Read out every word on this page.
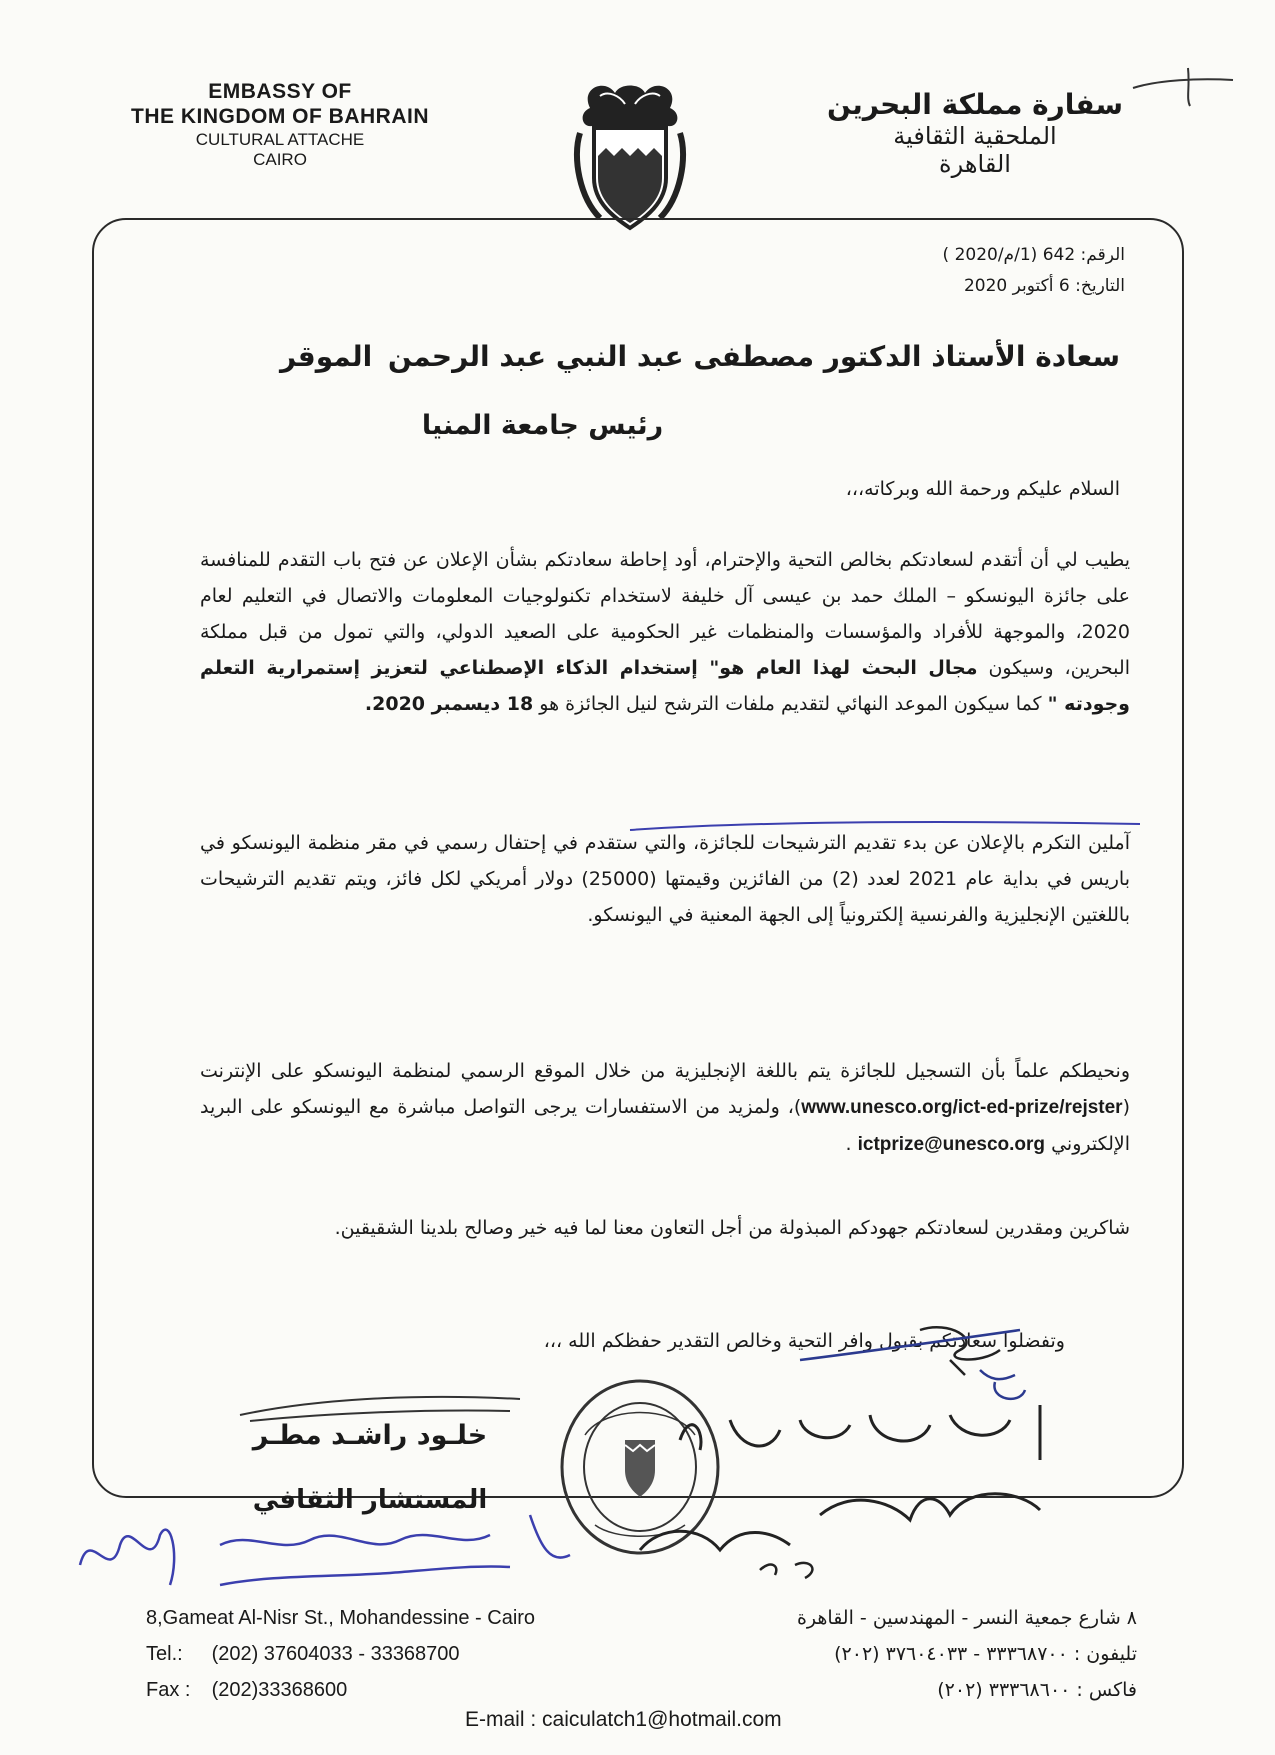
EMBASSY OF
THE KINGDOM OF BAHRAIN
CULTURAL ATTACHE
CAIRO
سفارة مملكة البحرين
الملحقية الثقافية
القاهرة
الرقم: 642 (1/م/2020 )
التاريخ: 6 أكتوبر 2020
سعادة الأستاذ الدكتور مصطفى عبد النبي عبد الرحمن
الموقر
رئيس جامعة المنيا
السلام عليكم ورحمة الله وبركاته،،،
يطيب لي أن أتقدم لسعادتكم بخالص التحية والإحترام، أود إحاطة سعادتكم بشأن الإعلان عن فتح باب التقدم للمنافسة على جائزة اليونسكو – الملك حمد بن عيسى آل خليفة لاستخدام تكنولوجيات المعلومات والاتصال في التعليم لعام 2020، والموجهة للأفراد والمؤسسات والمنظمات غير الحكومية على الصعيد الدولي، والتي تمول من قبل مملكة البحرين، وسيكون مجال البحث لهذا العام هو" إستخدام الذكاء الإصطناعي لتعزيز إستمرارية التعلم وجودته " كما سيكون الموعد النهائي لتقديم ملفات الترشح لنيل الجائزة هو 18 ديسمبر 2020.
آملين التكرم بالإعلان عن بدء تقديم الترشيحات للجائزة، والتي ستقدم في إحتفال رسمي في مقر منظمة اليونسكو في باريس في بداية عام 2021 لعدد (2) من الفائزين وقيمتها (25000) دولار أمريكي لكل فائز، ويتم تقديم الترشيحات باللغتين الإنجليزية والفرنسية إلكترونياً إلى الجهة المعنية في اليونسكو.
ونحيطكم علماً بأن التسجيل للجائزة يتم باللغة الإنجليزية من خلال الموقع الرسمي لمنظمة اليونسكو على الإنترنت (www.unesco.org/ict-ed-prize/rejster)، ولمزيد من الاستفسارات يرجى التواصل مباشرة مع اليونسكو على البريد الإلكتروني ictprize@unesco.org .
شاكرين ومقدرين لسعادتكم جهودكم المبذولة من أجل التعاون معنا لما فيه خير وصالح بلدينا الشقيقين.
وتفضلوا سعادتكم بقبول وافر التحية وخالص التقدير حفظكم الله ،،،
خلـود راشـد مطـر
المستشار الثقافي
8,Gameat Al-Nisr St., Mohandessine - Cairo
Tel.: (202) 37604033 - 33368700
Fax : (202)33368600
٨ شارع جمعية النسر - المهندسين - القاهرة
تليفون : ٣٣٣٦٨٧٠٠ - ٣٧٦٠٤٠٣٣ (٢٠٢)
فاكس : ٣٣٣٦٨٦٠٠ (٢٠٢)
E-mail : caiculatch1@hotmail.com
